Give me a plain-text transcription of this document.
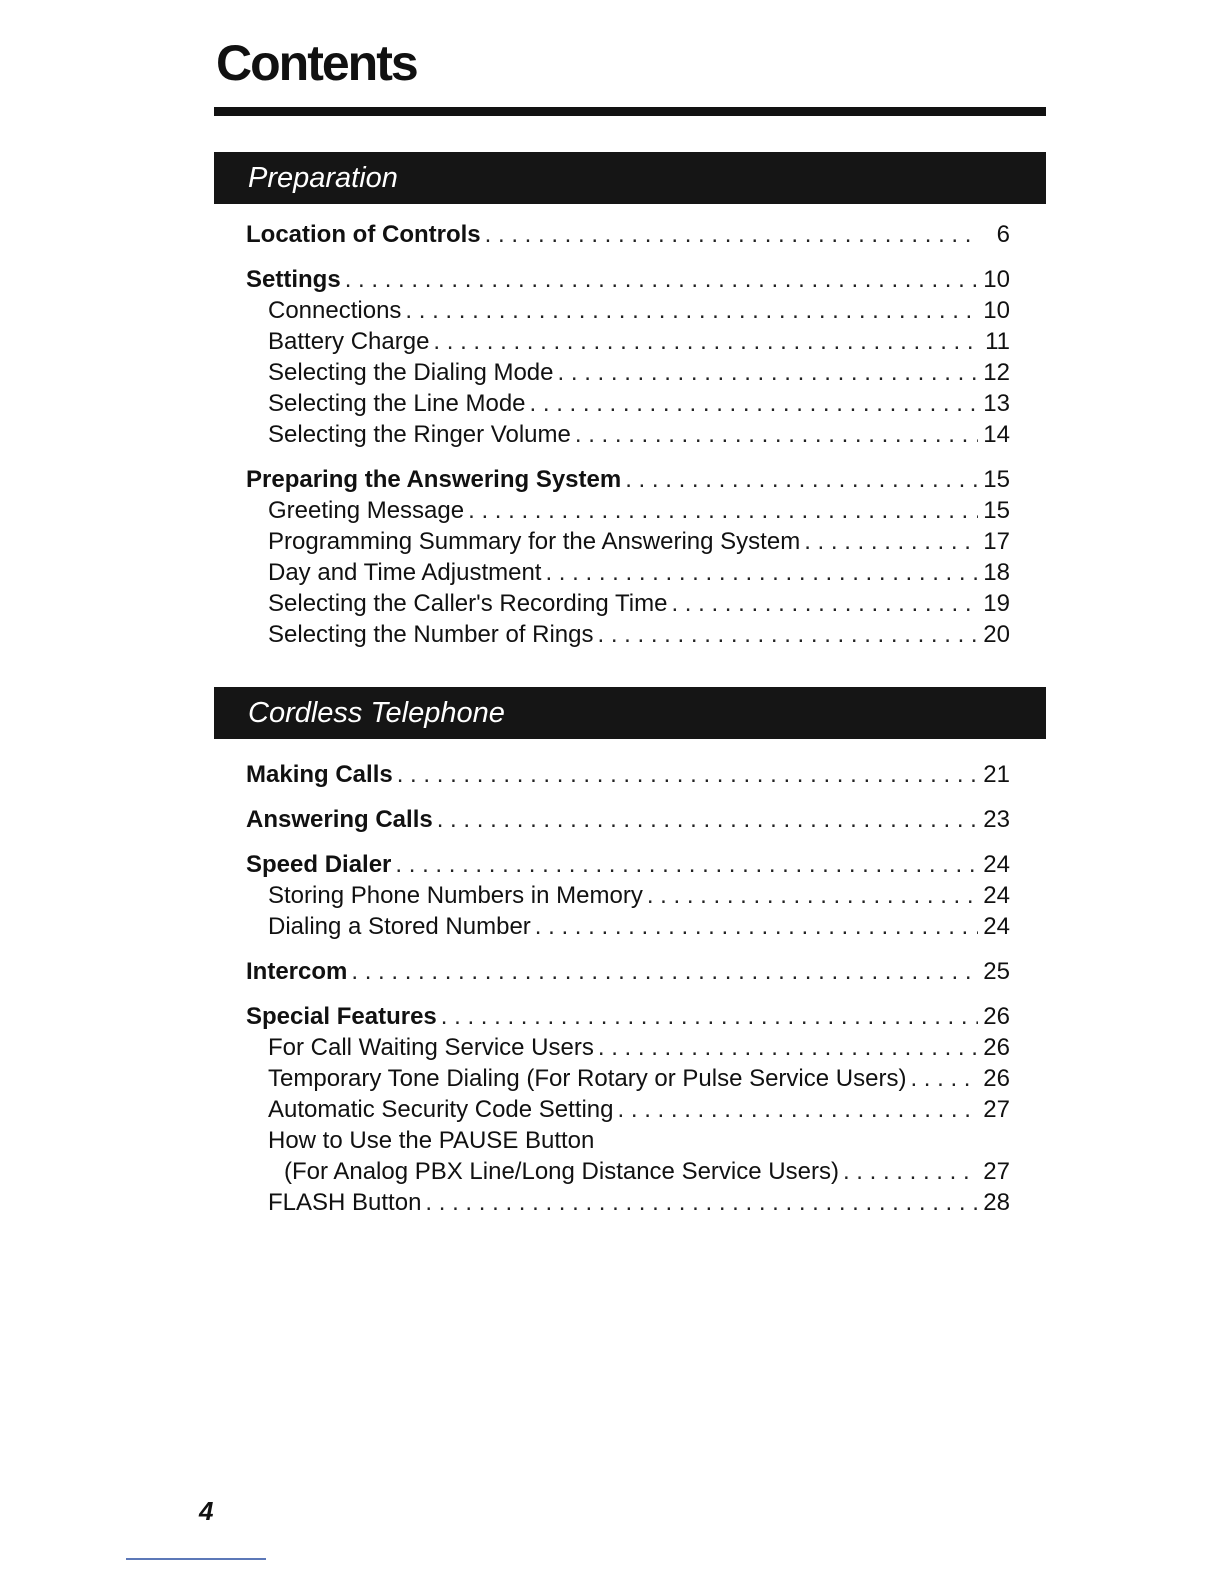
Contents
Preparation
Location of Controls . . .	6
Settings . . .	10
Connections . . .	10
Battery Charge . . .	11
Selecting the Dialing Mode . . .	12
Selecting the Line Mode . . .	13
Selecting the Ringer Volume . . .	14
Preparing the Answering System . . .	15
Greeting Message . . .	15
Programming Summary for the Answering System . . .	17
Day and Time Adjustment . . .	18
Selecting the Caller's Recording Time . . .	19
Selecting the Number of Rings . . .	20
Cordless Telephone
Making Calls . . .	21
Answering Calls . . .	23
Speed Dialer . . .	24
Storing Phone Numbers in Memory . . .	24
Dialing a Stored Number . . .	24
Intercom . . .	25
Special Features . . .	26
For Call Waiting Service Users . . .	26
Temporary Tone Dialing (For Rotary or Pulse Service Users) . . .	26
Automatic Security Code Setting . . .	27
How to Use the PAUSE Button
(For Analog PBX Line/Long Distance Service Users) . . .	27
FLASH Button . . .	28
4
